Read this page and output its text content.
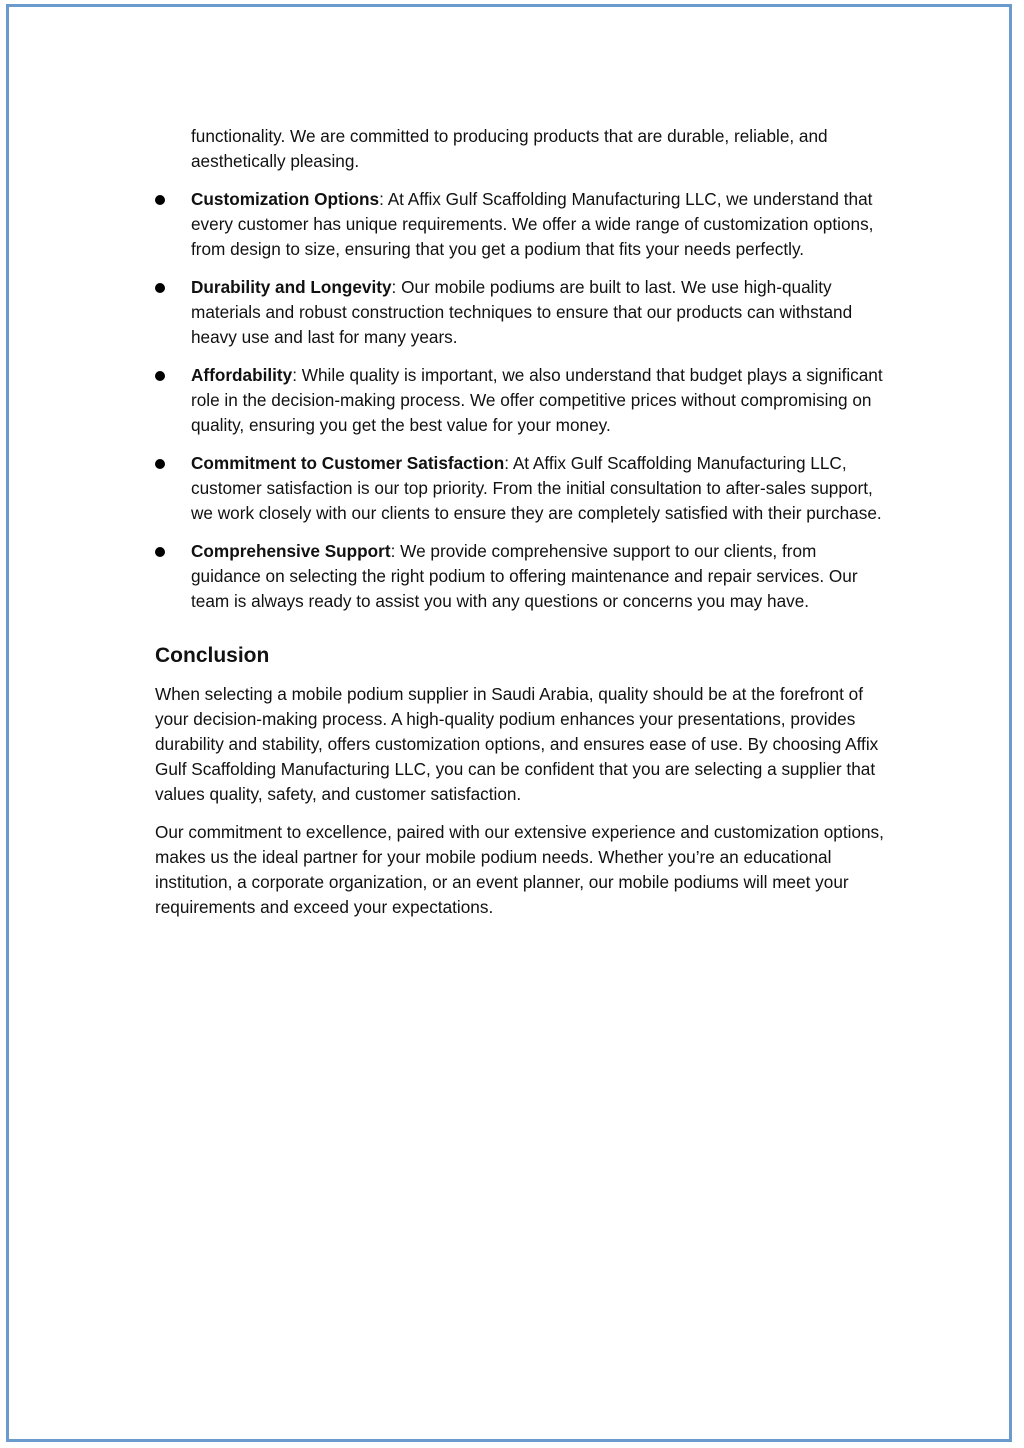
functionality. We are committed to producing products that are durable, reliable, and aesthetically pleasing.

Customization Options: At Affix Gulf Scaffolding Manufacturing LLC, we understand that every customer has unique requirements. We offer a wide range of customization options, from design to size, ensuring that you get a podium that fits your needs perfectly.
Durability and Longevity: Our mobile podiums are built to last. We use high-quality materials and robust construction techniques to ensure that our products can withstand heavy use and last for many years.
Affordability: While quality is important, we also understand that budget plays a significant role in the decision-making process. We offer competitive prices without compromising on quality, ensuring you get the best value for your money.
Commitment to Customer Satisfaction: At Affix Gulf Scaffolding Manufacturing LLC, customer satisfaction is our top priority. From the initial consultation to after-sales support, we work closely with our clients to ensure they are completely satisfied with their purchase.
Comprehensive Support: We provide comprehensive support to our clients, from guidance on selecting the right podium to offering maintenance and repair services. Our team is always ready to assist you with any questions or concerns you may have.
Conclusion

When selecting a mobile podium supplier in Saudi Arabia, quality should be at the forefront of your decision-making process. A high-quality podium enhances your presentations, provides durability and stability, offers customization options, and ensures ease of use. By choosing Affix Gulf Scaffolding Manufacturing LLC, you can be confident that you are selecting a supplier that values quality, safety, and customer satisfaction.

Our commitment to excellence, paired with our extensive experience and customization options, makes us the ideal partner for your mobile podium needs. Whether you’re an educational institution, a corporate organization, or an event planner, our mobile podiums will meet your requirements and exceed your expectations.
